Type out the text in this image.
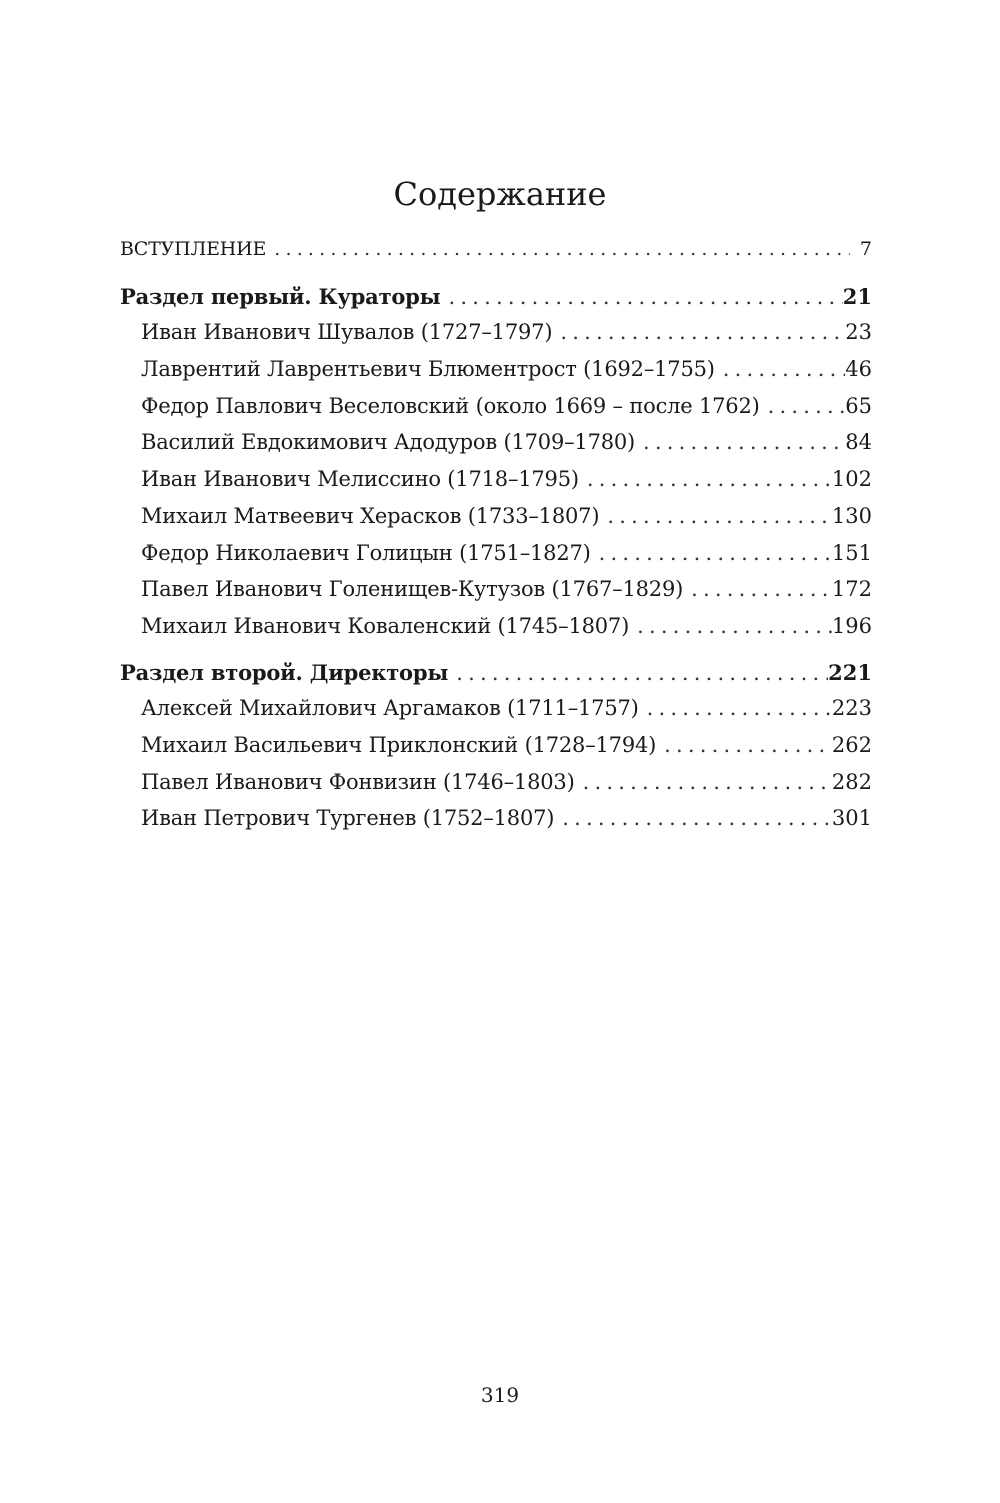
Содержание
ВСТУПЛЕНИЕ .....	7
Раздел первый. Кураторы .....	21
Иван Иванович Шувалов (1727–1797) .....	23
Лаврентий Лаврентьевич Блюментрост (1692–1755) .....	46
Федор Павлович Веселовский (около 1669 – после 1762) .....	65
Василий Евдокимович Адодуров (1709–1780) .....	84
Иван Иванович Мелиссино (1718–1795) .....	102
Михаил Матвеевич Херасков (1733–1807) .....	130
Федор Николаевич Голицын (1751–1827) .....	151
Павел Иванович Голенищев-Кутузов (1767–1829) .....	172
Михаил Иванович Коваленский (1745–1807) .....	196
Раздел второй. Директоры .....	221
Алексей Михайлович Аргамаков (1711–1757) .....	223
Михаил Васильевич Приклонский (1728–1794) .....	262
Павел Иванович Фонвизин (1746–1803) .....	282
Иван Петрович Тургенев (1752–1807) .....	301
319
